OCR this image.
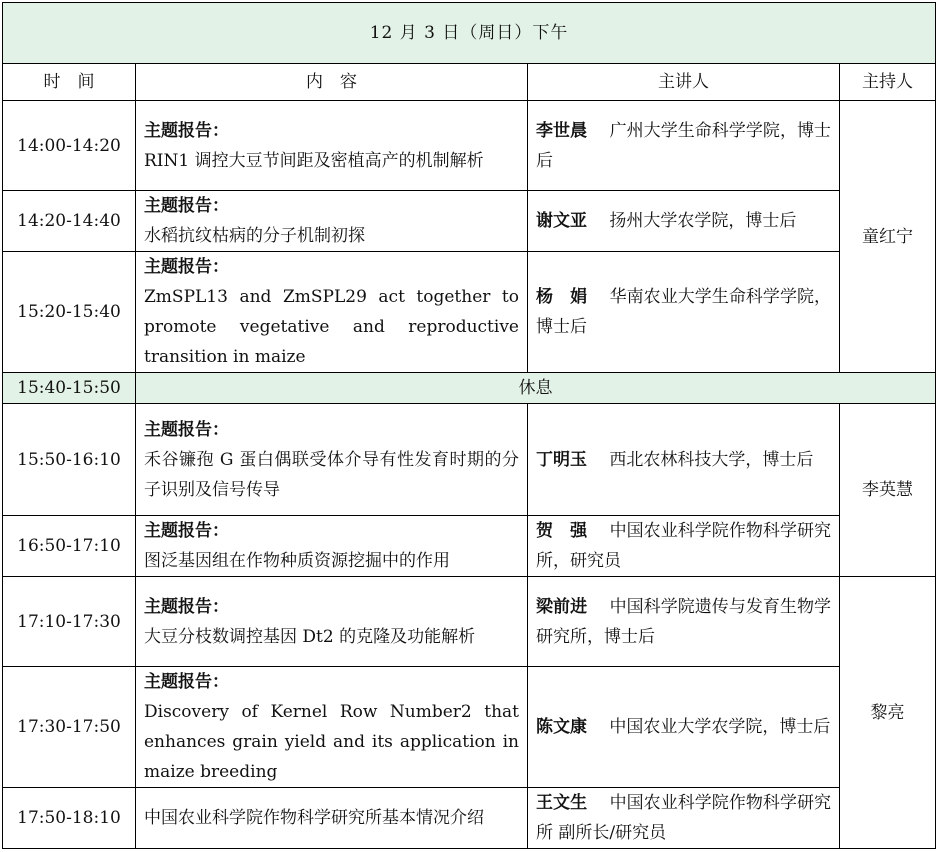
12 月 3 日（周日）下午			
时　间	内　容	主讲人	主持人
14:00-14:20	主题报告：
RIN1 调控大豆节间距及密植高产的机制解析	李世晨　 广州大学生命科学学院，博士后	童红宁
14:20-14:40	主题报告：
水稻抗纹枯病的分子机制初探	谢文亚　 扬州大学农学院，博士后	
15:20-15:40	主题报告：
ZmSPL13 and ZmSPL29 act together to promote vegetative and reproductive transition in maize	杨　娟　 华南农业大学生命科学学院，博士后	
15:40-15:50	休息		
15:50-16:10	主题报告：
禾谷镰孢 G 蛋白偶联受体介导有性发育时期的分子识别及信号传导	丁明玉　 西北农林科技大学，博士后	李英慧
16:50-17:10	主题报告：
图泛基因组在作物种质资源挖掘中的作用	贺　强　 中国农业科学院作物科学研究所，研究员	
17:10-17:30	主题报告：
大豆分枝数调控基因 Dt2 的克隆及功能解析	梁前进　 中国科学院遗传与发育生物学研究所，博士后	黎亮
17:30-17:50	主题报告：
Discovery of Kernel Row Number2 that enhances grain yield and its application in maize breeding	陈文康　 中国农业大学农学院，博士后	
17:50-18:10	中国农业科学院作物科学研究所基本情况介绍	王文生　 中国农业科学院作物科学研究所 副所长/研究员	
